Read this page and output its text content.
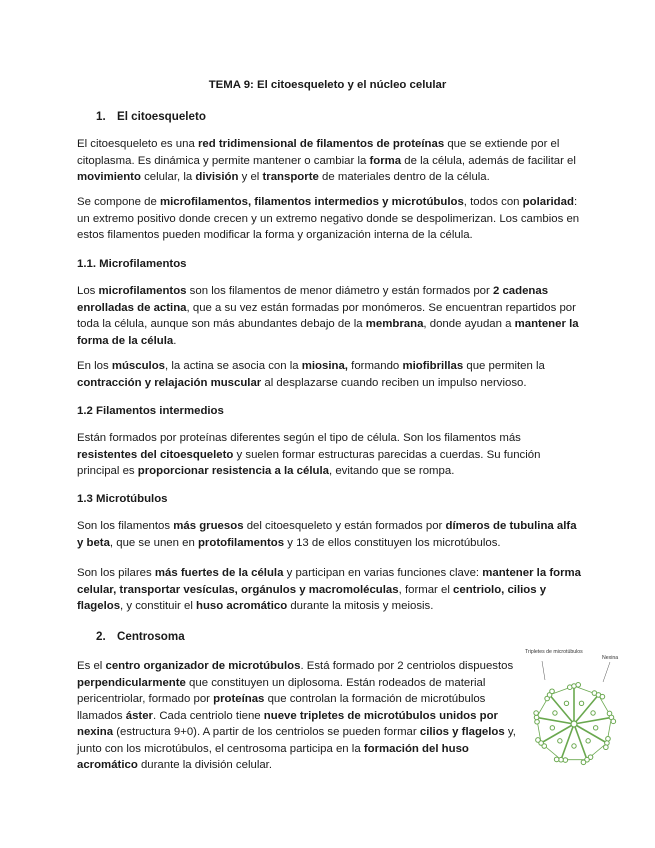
TEMA 9: El citoesqueleto y el núcleo celular
1. El citoesqueleto

El citoesqueleto es una red tridimensional de filamentos de proteínas que se extiende por el citoplasma. Es dinámica y permite mantener o cambiar la forma de la célula, además de facilitar el movimiento celular, la división y el transporte de materiales dentro de la célula.

Se compone de microfilamentos, filamentos intermedios y microtúbulos, todos con polaridad: un extremo positivo donde crecen y un extremo negativo donde se despolimerizan. Los cambios en estos filamentos pueden modificar la forma y organización interna de la célula.

1.1. Microfilamentos

Los microfilamentos son los filamentos de menor diámetro y están formados por 2 cadenas enrolladas de actina, que a su vez están formadas por monómeros. Se encuentran repartidos por toda la célula, aunque son más abundantes debajo de la membrana, donde ayudan a mantener la forma de la célula.

En los músculos, la actina se asocia con la miosina, formando miofibrillas que permiten la contracción y relajación muscular al desplazarse cuando reciben un impulso nervioso.

1.2 Filamentos intermedios

Están formados por proteínas diferentes según el tipo de célula. Son los filamentos más resistentes del citoesqueleto y suelen formar estructuras parecidas a cuerdas. Su función principal es proporcionar resistencia a la célula, evitando que se rompa.

1.3 Microtúbulos

Son los filamentos más gruesos del citoesqueleto y están formados por dímeros de tubulina alfa y beta, que se unen en protofilamentos y 13 de ellos constituyen los microtúbulos.

Son los pilares más fuertes de la célula y participan en varias funciones clave: mantener la forma celular, transportar vesículas, orgánulos y macromoléculas, formar el centriolo, cilios y flagelos, y constituir el huso acromático durante la mitosis y meiosis.

2. Centrosoma

Es el centro organizador de microtúbulos. Está formado por 2 centriolos dispuestos perpendicularmente que constituyen un diplosoma. Están rodeados de material pericentriolar, formado por proteínas que controlan la formación de microtúbulos llamados áster. Cada centriolo tiene nueve tripletes de microtúbulos unidos por nexina (estructura 9+0). A partir de los centriolos se pueden formar cilios y flagelos y, junto con los microtúbulos, el centrosoma participa en la formación del huso acromático durante la división celular.

Tripletes de microtúbulos
Nexina
